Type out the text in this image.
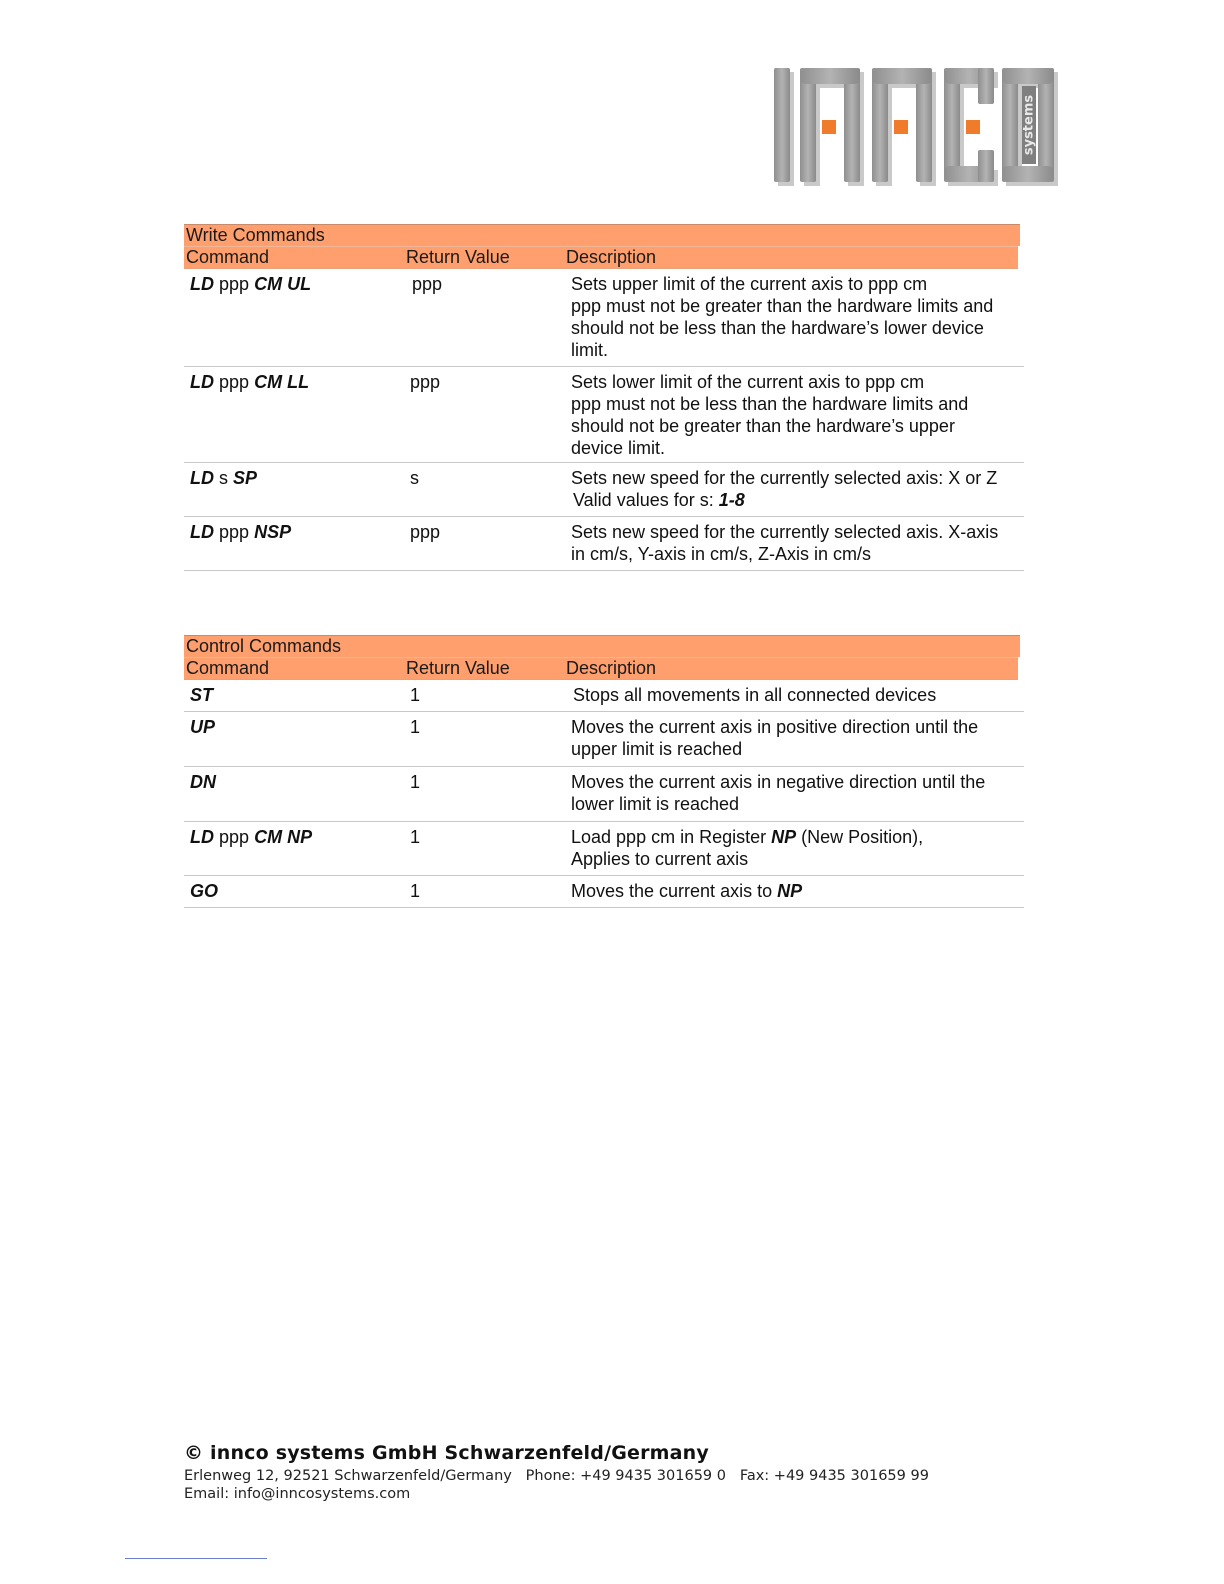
systems
Write Commands
Command	Return Value	Description
LD ppp CM UL	ppp	Sets upper limit of the current axis to ppp cm
ppp must not be greater than the hardware limits and
should not be less than the hardware’s lower device
limit.
LD ppp CM LL	ppp	Sets lower limit of the current axis to ppp cm
ppp must not be less than the hardware limits and
should not be greater than the hardware’s upper
device limit.
LD s SP	s	Sets new speed for the currently selected axis: X or Z
Valid values for s: 1-8
LD ppp NSP	ppp	Sets new speed for the currently selected axis. X-axis
in cm/s, Y-axis in cm/s, Z-Axis in cm/s
Control Commands
Command	Return Value	Description
ST	1	Stops all movements in all connected devices
UP	1	Moves the current axis in positive direction until the
upper limit is reached
DN	1	Moves the current axis in negative direction until the
lower limit is reached
LD ppp CM NP	1	Load ppp cm in Register NP (New Position),
Applies to current axis
GO	1	Moves the current axis to NP
© innco systems GmbH Schwarzenfeld/Germany
Erlenweg 12, 92521 Schwarzenfeld/Germany Phone: +49 9435 301659 0 Fax: +49 9435 301659 99
Email: info@inncosystems.com
